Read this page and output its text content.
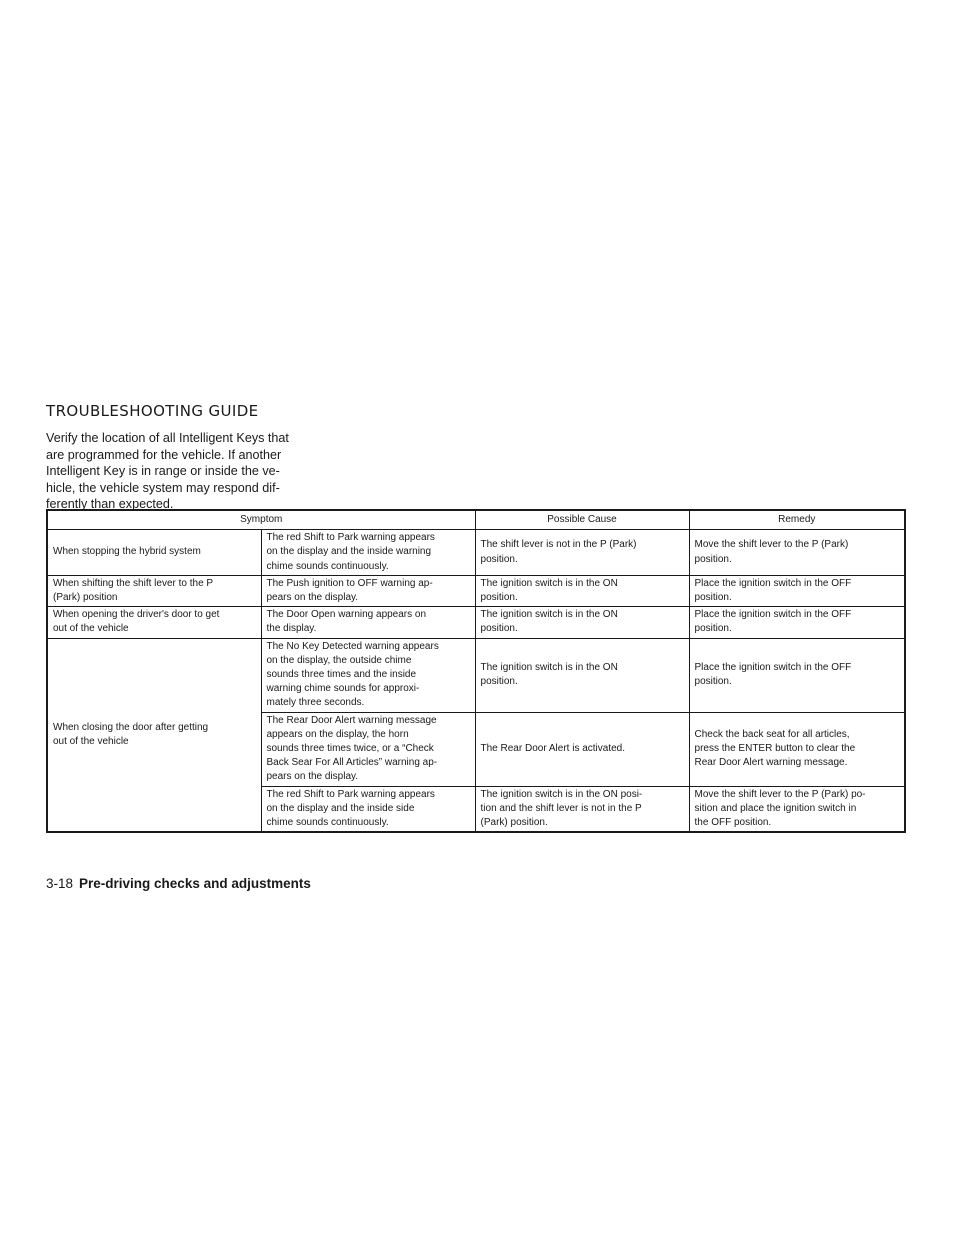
TROUBLESHOOTING GUIDE

Verify the location of all Intelligent Keys that
are programmed for the vehicle. If another
Intelligent Key is in range or inside the ve-
hicle, the vehicle system may respond dif-
ferently than expected.

Symptom		Possible Cause	Remedy

When stopping the hybrid system	The red Shift to Park warning appears
on the display and the inside warning
chime sounds continuously.	The shift lever is not in the P (Park)
position.	Move the shift lever to the P (Park)
position.

When shifting the shift lever to the P
(Park) position	The Push ignition to OFF warning ap-
pears on the display.	The ignition switch is in the ON
position.	Place the ignition switch in the OFF
position.

When opening the driver's door to get
out of the vehicle	The Door Open warning appears on
the display.	The ignition switch is in the ON
position.	Place the ignition switch in the OFF
position.

When closing the door after getting
out of the vehicle	The No Key Detected warning appears
on the display, the outside chime
sounds three times and the inside
warning chime sounds for approxi-
mately three seconds.	The ignition switch is in the ON
position.	Place the ignition switch in the OFF
position.

	The Rear Door Alert warning message
appears on the display, the horn
sounds three times twice, or a “Check
Back Sear For All Articles” warning ap-
pears on the display.	The Rear Door Alert is activated.	Check the back seat for all articles,
press the ENTER button to clear the
Rear Door Alert warning message.

	The red Shift to Park warning appears
on the display and the inside side
chime sounds continuously.	The ignition switch is in the ON posi-
tion and the shift lever is not in the P
(Park) position.	Move the shift lever to the P (Park) po-
sition and place the ignition switch in
the OFF position.

3-18 Pre-driving checks and adjustments
